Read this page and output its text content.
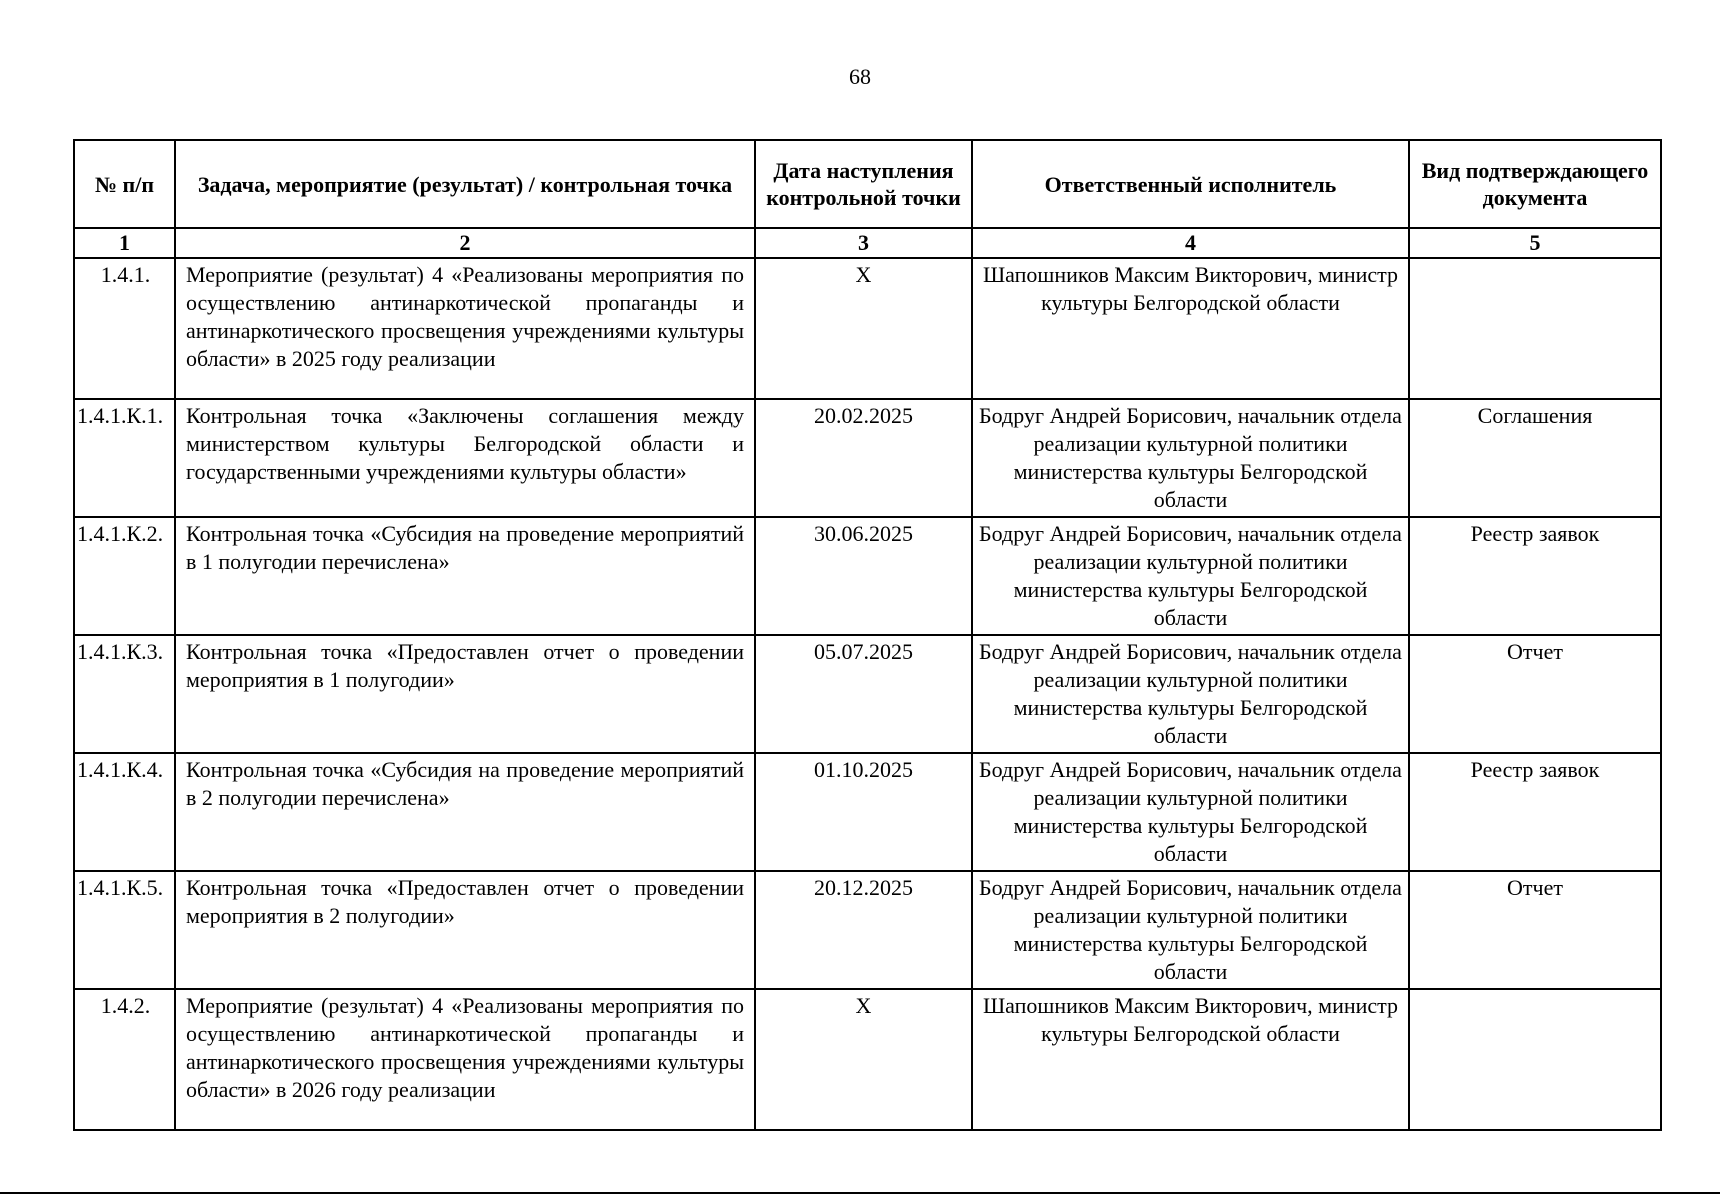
68
№ п/п	Задача, мероприятие (результат) / контрольная точка	Дата наступления контрольной точки	Ответственный исполнитель	Вид подтверждающего документа
1	2	3	4	5
1.4.1.	Мероприятие (результат) 4 «Реализованы мероприятия по осуществлению антинаркотической пропаганды и антинаркотического просвещения учреждениями культуры области» в 2025 году реализации	Х	Шапошников Максим Викторович, министр культуры Белгородской области	
1.4.1.К.1.	Контрольная точка «Заключены соглашения между министерством культуры Белгородской области и государственными учреждениями культуры области»	20.02.2025	Бодруг Андрей Борисович, начальник отдела реализации культурной политики министерства культуры Белгородской области	Соглашения
1.4.1.К.2.	Контрольная точка «Субсидия на проведение мероприятий в 1 полугодии перечислена»	30.06.2025	Бодруг Андрей Борисович, начальник отдела реализации культурной политики министерства культуры Белгородской области	Реестр заявок
1.4.1.К.3.	Контрольная точка «Предоставлен отчет о проведении мероприятия в 1 полугодии»	05.07.2025	Бодруг Андрей Борисович, начальник отдела реализации культурной политики министерства культуры Белгородской области	Отчет
1.4.1.К.4.	Контрольная точка «Субсидия на проведение мероприятий в 2 полугодии перечислена»	01.10.2025	Бодруг Андрей Борисович, начальник отдела реализации культурной политики министерства культуры Белгородской области	Реестр заявок
1.4.1.К.5.	Контрольная точка «Предоставлен отчет о проведении мероприятия в 2 полугодии»	20.12.2025	Бодруг Андрей Борисович, начальник отдела реализации культурной политики министерства культуры Белгородской области	Отчет
1.4.2.	Мероприятие (результат) 4 «Реализованы мероприятия по осуществлению антинаркотической пропаганды и антинаркотического просвещения учреждениями культуры области» в 2026 году реализации	Х	Шапошников Максим Викторович, министр культуры Белгородской области	
